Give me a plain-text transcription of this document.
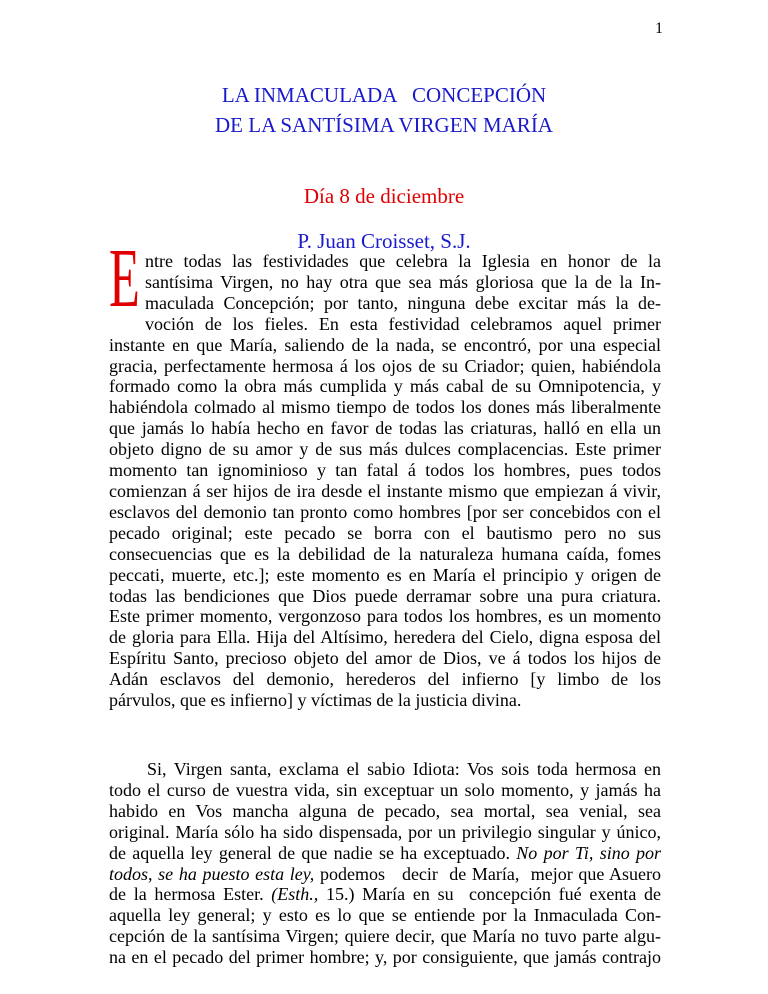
1
LA INMACULADA   CONCEPCIÓN
DE LA SANTÍSIMA VIRGEN MARÍA
Día 8 de diciembre
P. Juan Croisset, S.J.
E ntre todas las festividades que celebra la Iglesia en honor de la
santísima Virgen, no hay otra que sea más gloriosa que la de la In-
maculada Concepción; por tanto, ninguna debe excitar más la de-
voción de los fieles. En esta festividad celebramos aquel primer
instante en que María, saliendo de la nada, se encontró, por una especial
gracia, perfectamente hermosa á los ojos de su Criador; quien, habiéndola
formado como la obra más cumplida y más cabal de su Omnipotencia, y
habiéndola colmado al mismo tiempo de todos los dones más liberalmente
que jamás lo había hecho en favor de todas las criaturas, halló en ella un
objeto digno de su amor y de sus más dulces complacencias. Este primer
momento tan ignominioso y tan fatal á todos los hombres, pues todos
comienzan á ser hijos de ira desde el instante mismo que empiezan á vivir,
esclavos del demonio tan pronto como hombres [por ser concebidos con el
pecado original; este pecado se borra con el bautismo pero no sus
consecuencias que es la debilidad de la naturaleza humana caída, fomes
peccati, muerte, etc.]; este momento es en María el principio y origen de
todas las bendiciones que Dios puede derramar sobre una pura criatura.
Este primer momento, vergonzoso para todos los hombres, es un momento
de gloria para Ella. Hija del Altísimo, heredera del Cielo, digna esposa del
Espíritu Santo, precioso objeto del amor de Dios, ve á todos los hijos de
Adán esclavos del demonio, herederos del infierno [y limbo de los
párvulos, que es infierno] y víctimas de la justicia divina.
Si, Virgen santa, exclama el sabio Idiota: Vos sois toda hermosa en
todo el curso de vuestra vida, sin exceptuar un solo momento, y jamás ha
habido en Vos mancha alguna de pecado, sea mortal, sea venial, sea
original. María sólo ha sido dispensada, por un privilegio singular y único,
de aquella ley general de que nadie se ha exceptuado. No por Ti, sino por
todos, se ha puesto esta ley, podemos   decir  de María,  mejor que Asuero
de la hermosa Ester. (Esth., 15.) María en su  concepción fué exenta de
aquella ley general; y esto es lo que se entiende por la Inmaculada Con-
cepción de la santísima Virgen; quiere decir, que María no tuvo parte algu-
na en el pecado del primer hombre; y, por consiguiente, que jamás contrajo
